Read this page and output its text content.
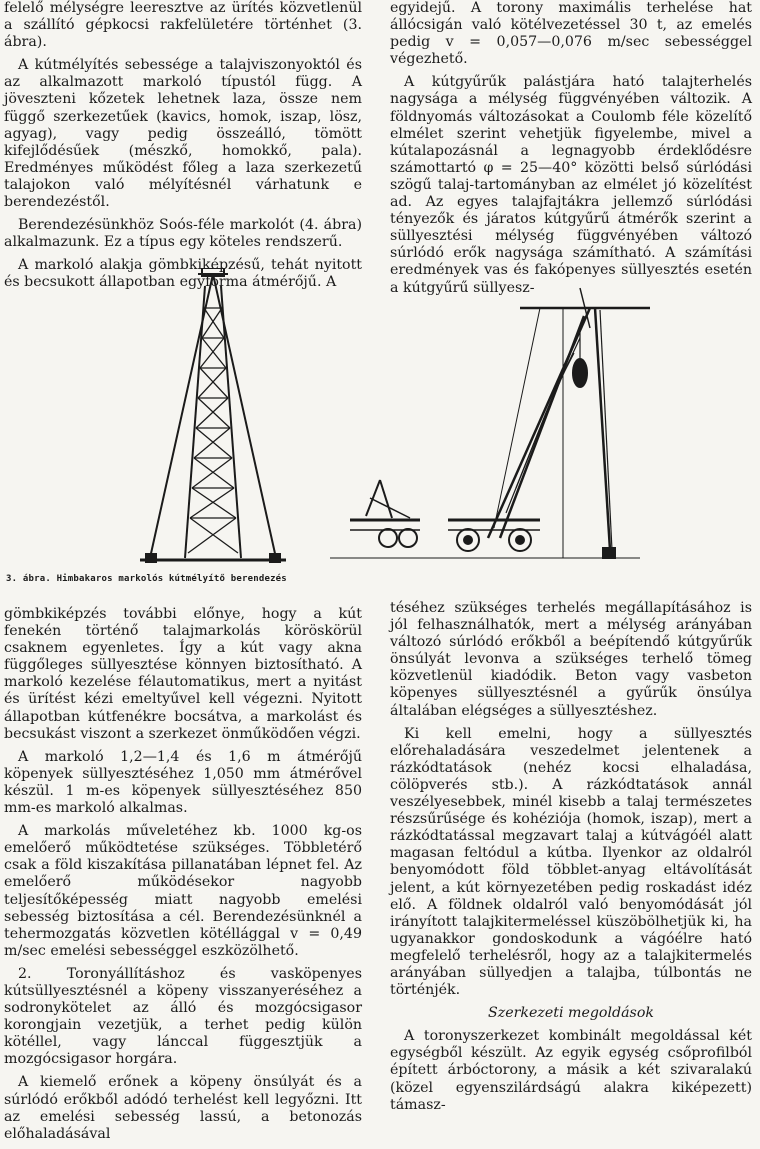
felelő mélységre leeresztve az ürítés közvetlenül a szállító gépkocsi rakfelületére történhet (3. ábra).

A kútmélyítés sebessége a talajviszonyoktól és az alkalmazott markoló típustól függ. A jöveszteni kőzetek lehetnek laza, össze nem függő szerkezetűek (kavics, homok, iszap, lösz, agyag), vagy pedig összeálló, tömött kifejlődésűek (mészkő, homokkő, pala). Eredményes működést főleg a laza szerkezetű talajokon való mélyítésnél várhatunk e berendezéstől.

Berendezésünkhöz Soós-féle markolót (4. ábra) alkalmazunk. Ez a típus egy köteles rendszerű.

A markoló alakja gömbkiképzésű, tehát nyitott és becsukott állapotban egyforma átmérőjű. A

egyidejű. A torony maximális terhelése hat állócsigán való kötélvezetéssel 30 t, az emelés pedig v = 0,057—0,076 m/sec sebességgel végezhető.

A kútgyűrűk palástjára ható talajterhelés nagysága a mélység függvényében változik. A földnyomás változásokat a Coulomb féle közelítő elmélet szerint vehetjük figyelembe, mivel a kútalapozásnál a legnagyobb érdeklődésre számottartó φ = 25—40° közötti belső súrlódási szögű talaj-tartományban az elmélet jó közelítést ad. Az egyes talajfajtákra jellemző súrlódási tényezők és járatos kútgyűrű átmérők szerint a süllyesztési mélység függvényében változó súrlódó erők nagysága számítható. A számítási eredmények vas és fakópenyes süllyesztés esetén a kútgyűrű süllyesz-

3. ábra. Himbakaros markolós kútmélyítő berendezés

gömbkiképzés további előnye, hogy a kút fenekén történő talajmarkolás köröskörül csaknem egyenletes. Így a kút vagy akna függőleges süllyesztése könnyen biztosítható. A markoló kezelése félautomatikus, mert a nyitást és ürítést kézi emeltyűvel kell végezni. Nyitott állapotban kútfenékre bocsátva, a markolást és becsukást viszont a szerkezet önműködően végzi.

A markoló 1,2—1,4 és 1,6 m átmérőjű köpenyek süllyesztéséhez 1,050 mm átmérővel készül. 1 m-es köpenyek süllyesztéséhez 850 mm-es markoló alkalmas.

A markolás műveletéhez kb. 1000 kg-os emelőerő működtetése szükséges. Többletérő csak a föld kiszakítása pillanatában lépnet fel. Az emelőerő működésekor nagyobb teljesítőképesség miatt nagyobb emelési sebesség biztosítása a cél. Berendezésünknél a tehermozgatás közvetlen kötéllággal v = 0,49 m/sec emelési sebességgel eszközölhető.

2. Toronyállításhoz és vasköpenyes kútsüllyesztésnél a köpeny visszanyeréséhez a sodronykötelet az álló és mozgócsigasor korongjain vezetjük, a terhet pedig külön kötéllel, vagy lánccal függesztjük a mozgócsigasor horgára.

A kiemelő erőnek a köpeny önsúlyát és a súrlódó erőkből adódó terhelést kell legyőzni. Itt az emelési sebesség lassú, a betonozás előhaladásával

téséhez szükséges terhelés megállapításához is jól felhasználhatók, mert a mélység arányában változó súrlódó erőkből a beépítendő kútgyűrűk önsúlyát levonva a szükséges terhelő tömeg közvetlenül kiadódik. Beton vagy vasbeton köpenyes süllyesztésnél a gyűrűk önsúlya általában elégséges a süllyesztéshez.

Ki kell emelni, hogy a süllyesztés előrehaladására veszedelmet jelentenek a rázkódtatások (nehéz kocsi elhaladása, cölöpverés stb.). A rázkódtatások annál veszélyesebbek, minél kisebb a talaj természetes részsűrűsége és kohéziója (homok, iszap), mert a rázkódtatással megzavart talaj a kútvágóél alatt magasan feltódul a kútba. Ilyenkor az oldalról benyomódott föld többlet-anyag eltávolítását jelent, a kút környezetében pedig roskadást idéz elő. A földnek oldalról való benyomódását jól irányított talajkitermeléssel küszöbölhetjük ki, ha ugyanakkor gondoskodunk a vágóélre ható megfelelő terhelésről, hogy az a talajkitermelés arányában süllyedjen a talajba, túlbontás ne történjék.

Szerkezeti megoldások

A toronyszerkezet kombinált megoldással két egységből készült. Az egyik egység csőprofilból épített árbóctorony, a másik a két szivaralakú (közel egyenszilárdságú alakra kiképezett) támasz-
